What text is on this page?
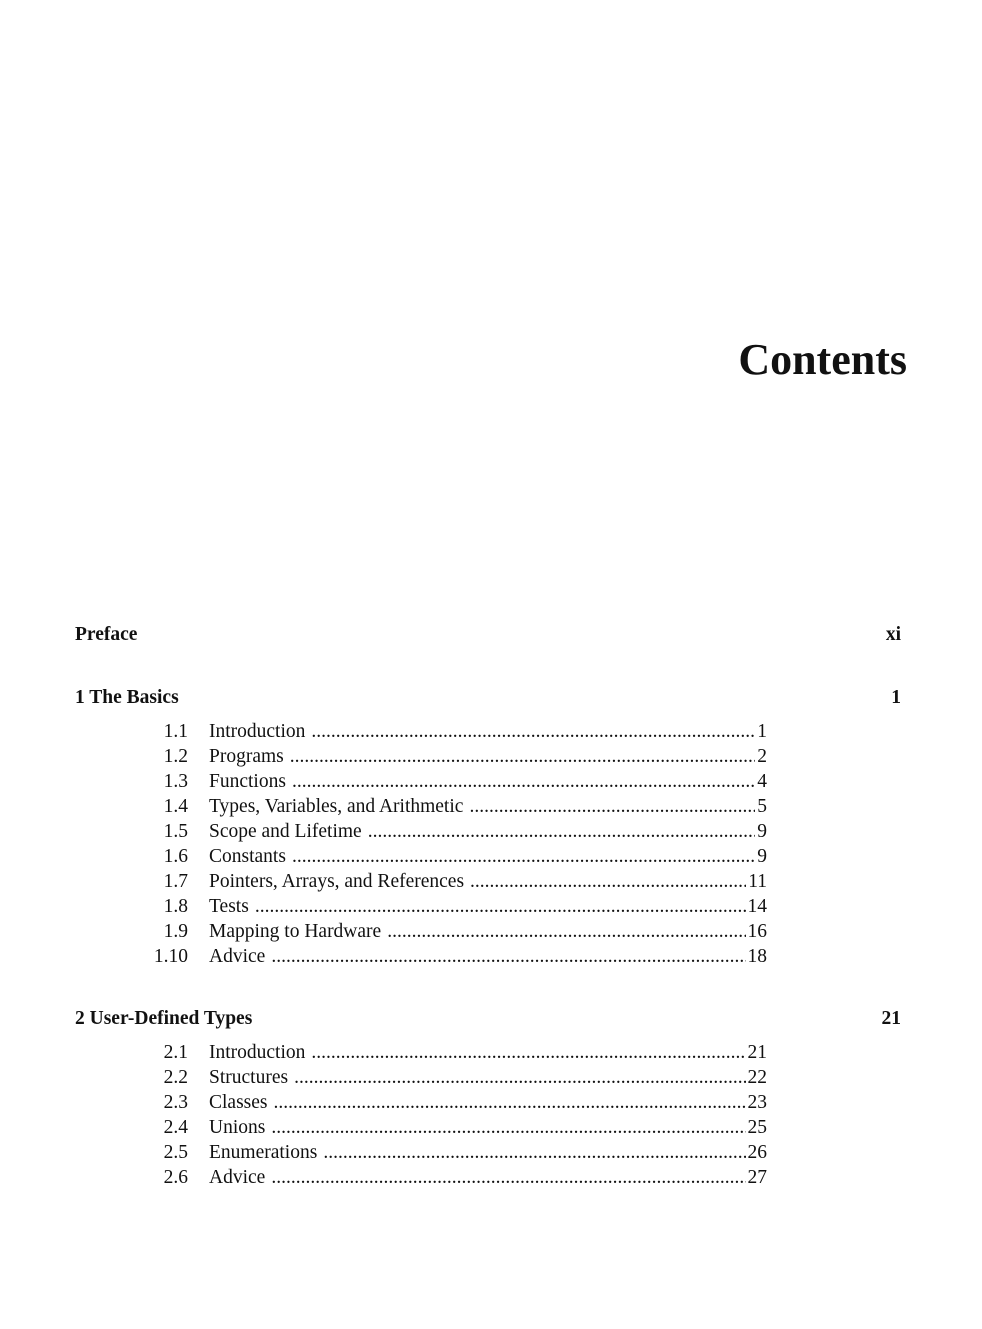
Contents
Preface	xi
1 The Basics	1
1.1 Introduction .....	1
1.2 Programs .....	2
1.3 Functions .....	4
1.4 Types, Variables, and Arithmetic .....	5
1.5 Scope and Lifetime .....	9
1.6 Constants .....	9
1.7 Pointers, Arrays, and References .....	11
1.8 Tests .....	14
1.9 Mapping to Hardware .....	16
1.10 Advice .....	18
2 User-Defined Types	21
2.1 Introduction .....	21
2.2 Structures .....	22
2.3 Classes .....	23
2.4 Unions .....	25
2.5 Enumerations .....	26
2.6 Advice .....	27
